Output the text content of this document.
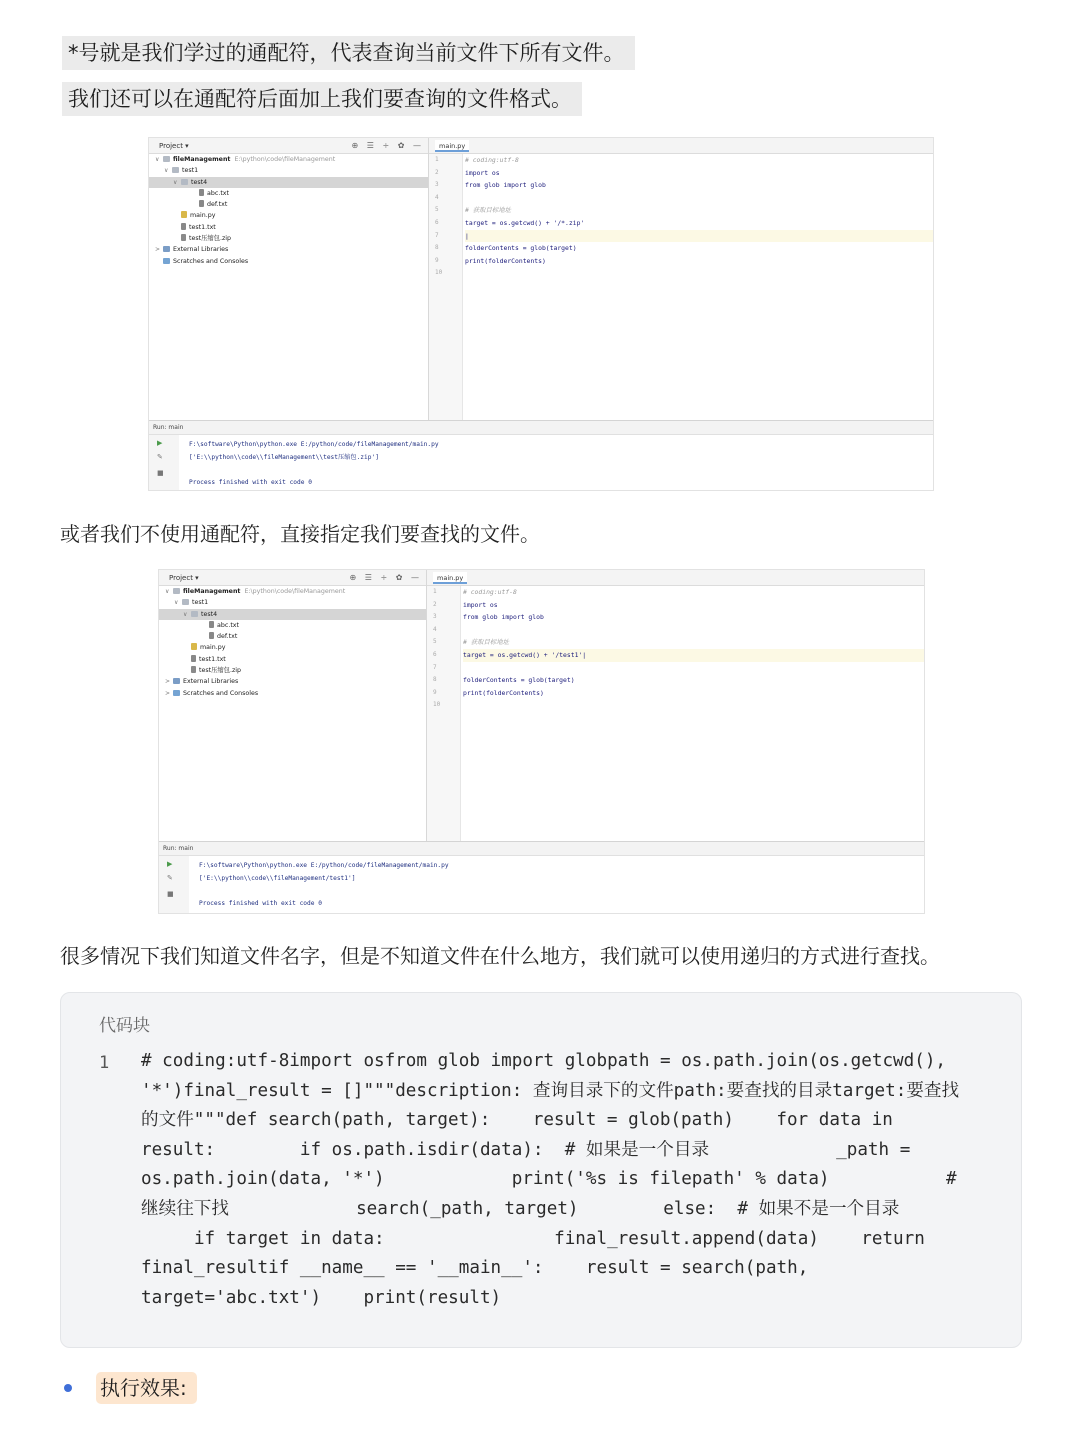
*号就是我们学过的通配符，代表查询当前文件下所有文件。
我们还可以在通配符后面加上我们要查询的文件格式。
Project ▾	⊕ ☰ ÷ ✿ —
∨ fileManagement E:\python\code\fileManagement
∨ test1
∨ test4
abc.txt
def.txt
main.py
test1.txt
test压缩包.zip
> External Libraries
Scratches and Consoles
main.py
1
2
3
4
5
6
7
8
9
10
# coding:utf-8
import os
from glob import glob
# 获取目标地址
target = os.getcwd() + '/*.zip'
|
folderContents = glob(target)
print(folderContents)
Run: main
▶
✎
■
F:\software\Python\python.exe E:/python/code/fileManagement/main.py
['E:\\python\\code\\fileManagement\\test压缩包.zip']
Process finished with exit code 0
或者我们不使用通配符，直接指定我们要查找的文件。
Project ▾	⊕ ☰ ÷ ✿ —
∨ fileManagement E:\python\code\fileManagement
∨ test1
∨ test4
abc.txt
def.txt
main.py
test1.txt
test压缩包.zip
> External Libraries
> Scratches and Consoles
main.py
1
2
3
4
5
6
7
8
9
10
# coding:utf-8
import os
from glob import glob
# 获取目标地址
target = os.getcwd() + '/test1'|
folderContents = glob(target)
print(folderContents)
Run: main
▶
✎
■
F:\software\Python\python.exe E:/python/code/fileManagement/main.py
['E:\\python\\code\\fileManagement/test1']
Process finished with exit code 0
很多情况下我们知道文件名字，但是不知道文件在什么地方，我们就可以使用递归的方式进行查找。
代码块
1 # coding:utf-8import osfrom glob import globpath = os.path.join(os.getcwd(),
'*')final_result = []"""description: 查询目录下的文件path:要查找的目录target:要查找
的文件"""def search(path, target):    result = glob(path)    for data in
result:        if os.path.isdir(data):  # 如果是一个目录            _path =
os.path.join(data, '*')            print('%s is filepath' % data)           #
继续往下找            search(_path, target)        else:  # 如果不是一个目录
if target in data:                final_result.append(data)    return
final_resultif __name__ == '__main__':    result = search(path,
target='abc.txt')    print(result)
执行效果:
